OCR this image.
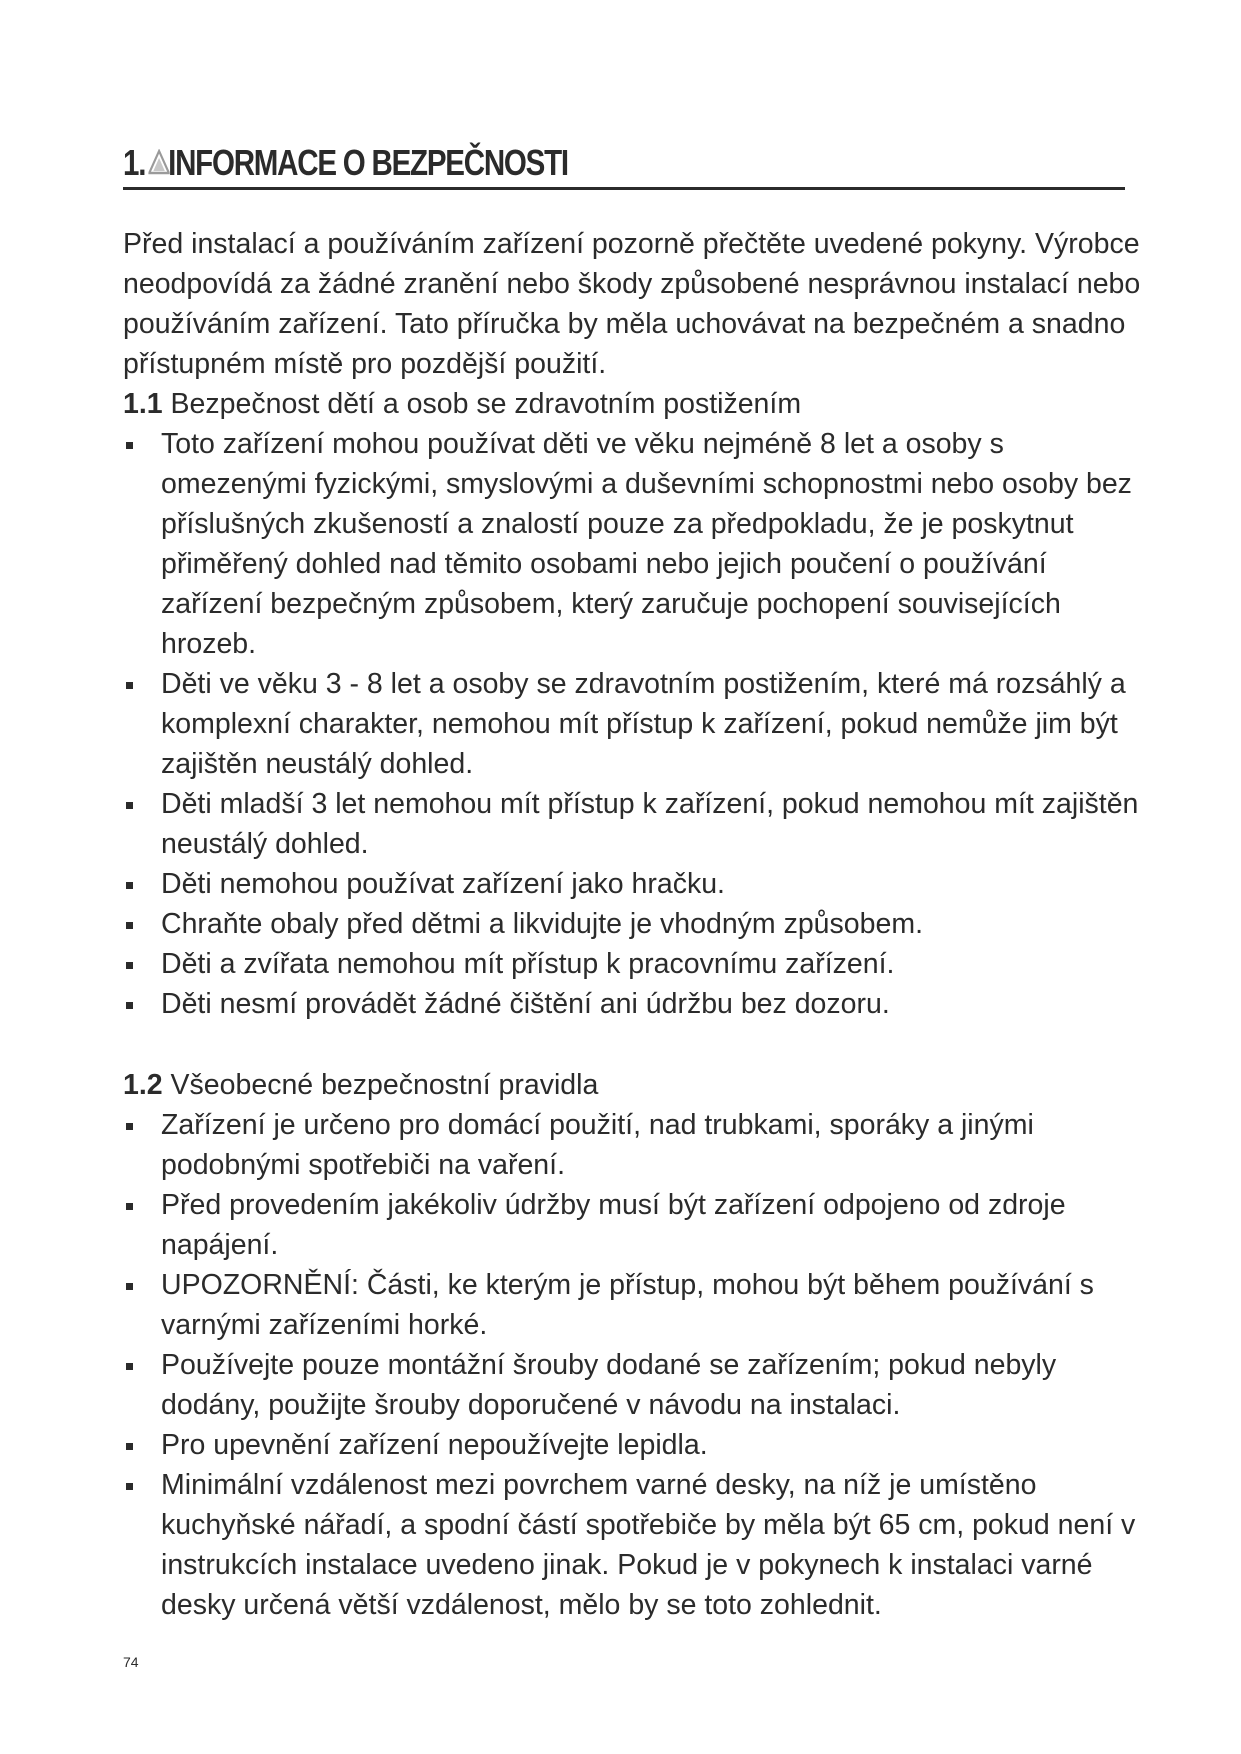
1. INFORMACE O BEZPEČNOSTI

Před instalací a používáním zařízení pozorně přečtěte uvedené pokyny. Výrobce neodpovídá za žádné zranění nebo škody způsobené nesprávnou instalací nebo používáním zařízení. Tato příručka by měla uchovávat na bezpečném a snadno přístupném místě pro pozdější použití.

1.1 Bezpečnost dětí a osob se zdravotním postižením

Toto zařízení mohou používat děti ve věku nejméně 8 let a osoby s omezenými fyzickými, smyslovými a duševními schopnostmi nebo osoby bez příslušných zkušeností a znalostí pouze za předpokladu, že je poskytnut přiměřený dohled nad těmito osobami nebo jejich poučení o používání zařízení bezpečným způsobem, který zaručuje pochopení souvisejících hrozeb.
Děti ve věku 3 - 8 let a osoby se zdravotním postižením, které má rozsáhlý a komplexní charakter, nemohou mít přístup k zařízení, pokud nemůže jim být zajištěn neustálý dohled.
Děti mladší 3 let nemohou mít přístup k zařízení, pokud nemohou mít zajištěn neustálý dohled.
Děti nemohou používat zařízení jako hračku.
Chraňte obaly před dětmi a likvidujte je vhodným způsobem.
Děti a zvířata nemohou mít přístup k pracovnímu zařízení.
Děti nesmí provádět žádné čištění ani údržbu bez dozoru.

1.2 Všeobecné bezpečnostní pravidla

Zařízení je určeno pro domácí použití, nad trubkami, sporáky a jinými podobnými spotřebiči na vaření.
Před provedením jakékoliv údržby musí být zařízení odpojeno od zdroje napájení.
UPOZORNĚNÍ: Části, ke kterým je přístup, mohou být během používání s varnými zařízeními horké.
Používejte pouze montážní šrouby dodané se zařízením; pokud nebyly dodány, použijte šrouby doporučené v návodu na instalaci.
Pro upevnění zařízení nepoužívejte lepidla.
Minimální vzdálenost mezi povrchem varné desky, na níž je umístěno kuchyňské nářadí, a spodní částí spotřebiče by měla být 65 cm, pokud není v instrukcích instalace uvedeno jinak. Pokud je v pokynech k instalaci varné desky určená větší vzdálenost, mělo by se toto zohlednit.
74
